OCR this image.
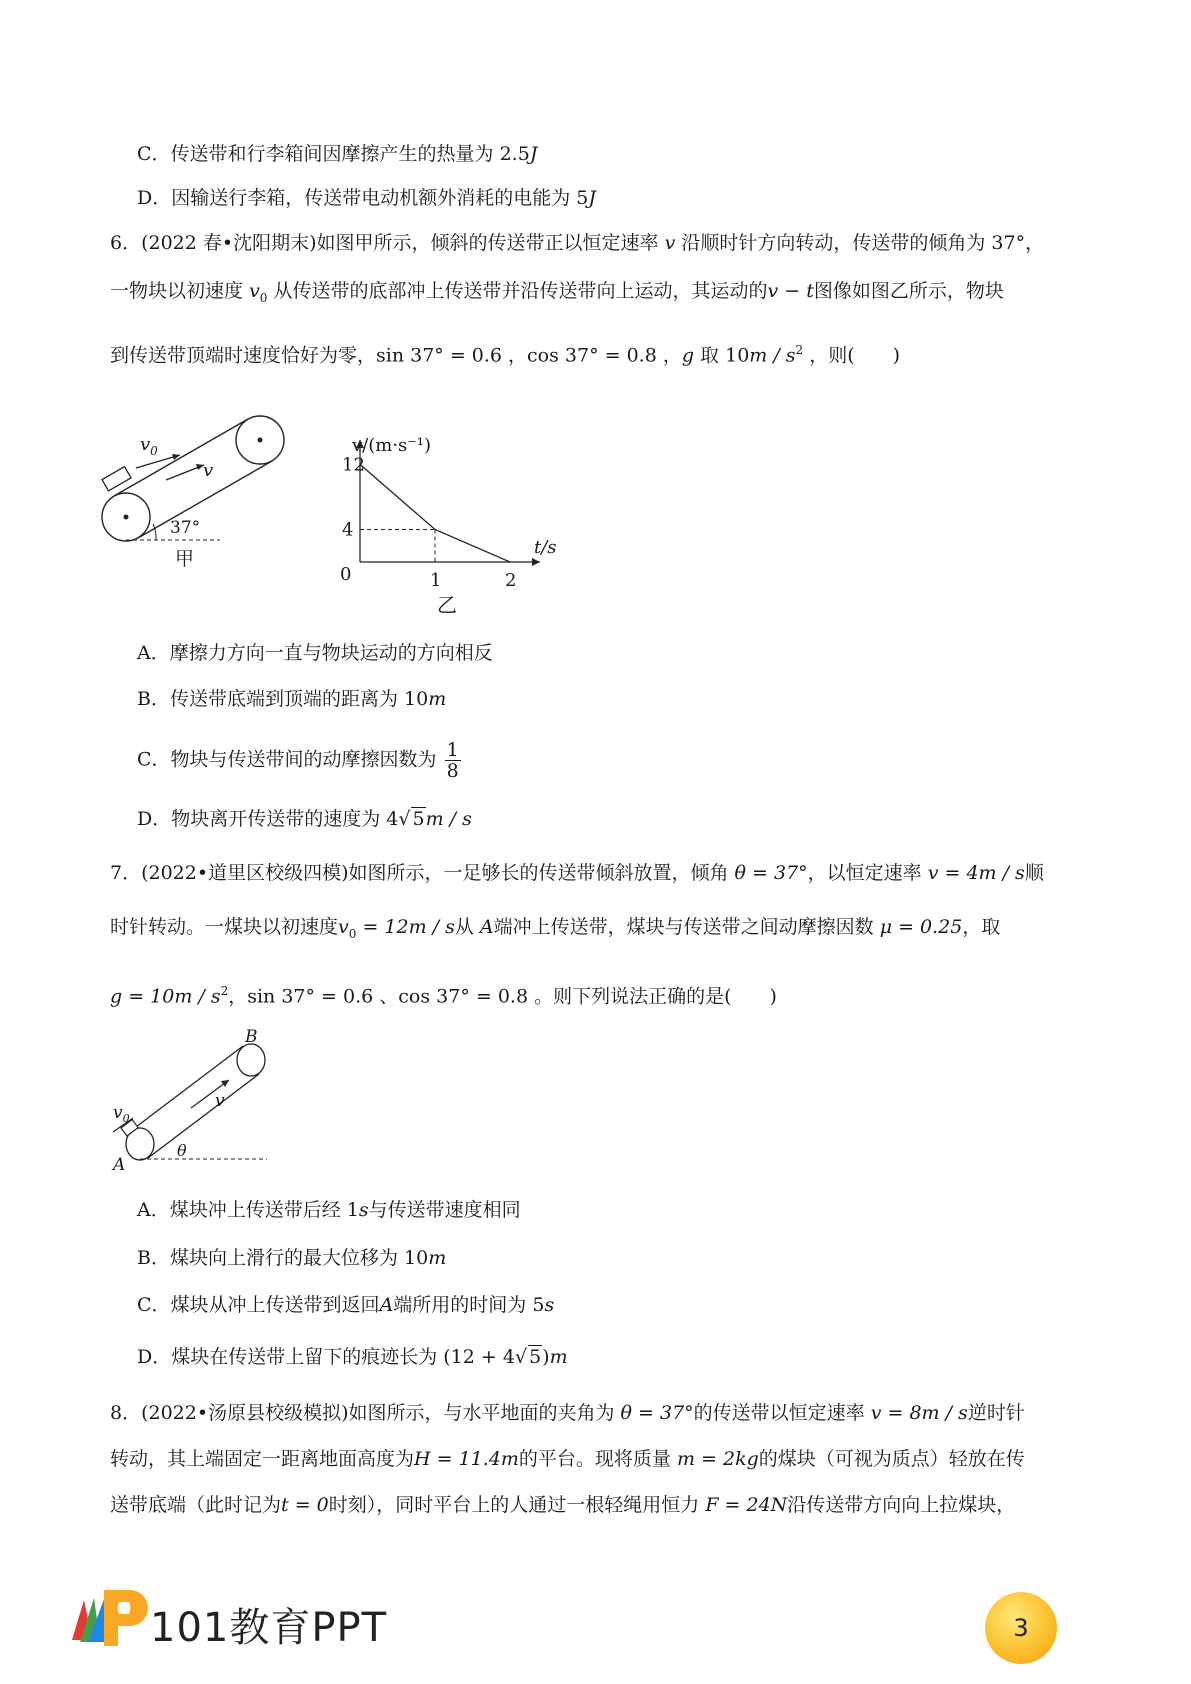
C．传送带和行李箱间因摩擦产生的热量为 2.5J
D．因输送行李箱，传送带电动机额外消耗的电能为 5J
6．(2022 春•沈阳期末)如图甲所示，倾斜的传送带正以恒定速率 v 沿顺时针方向转动，传送带的倾角为 37°，
一物块以初速度 $v_0$ 从传送带的底部冲上传送带并沿传送带向上运动，其运动的v − t图像如图乙所示，物块
到传送带顶端时速度恰好为零，sin 37° = 0.6 ，cos 37° = 0.8 ，g 取 $10m / s^2$ ，则(　　)
$v_0$
v
37°
甲
12
4
1	2
v/(m·s⁻¹)
t/s
0
乙
A．摩擦力方向一直与物块运动的方向相反
B．传送带底端到顶端的距离为 10m
C．物块与传送带间的动摩擦因数为 $\frac{1}{8}$
D．物块离开传送带的速度为 4√ 5m / s
7．(2022•道里区校级四模)如图所示，一足够长的传送带倾斜放置，倾角 θ = 37°，以恒定速率 v = 4m / s顺
时针转动。一煤块以初速度$v_0 = 12m / s$从 A端冲上传送带，煤块与传送带之间动摩擦因数 μ = 0.25，取
$g = 10m / s^2$，sin 37° = 0.6 、cos 37° = 0.8 。则下列说法正确的是(　　)
B
A
$v_0$
v
θ
A．煤块冲上传送带后经 1s与传送带速度相同
B．煤块向上滑行的最大位移为 10m
C．煤块从冲上传送带到返回A端所用的时间为 5s
D．煤块在传送带上留下的痕迹长为 (12 + 4√ 5)m
8．(2022•汤原县校级模拟)如图所示，与水平地面的夹角为 θ = 37°的传送带以恒定速率 v = 8m / s逆时针
转动，其上端固定一距离地面高度为H = 11.4m的平台。现将质量 m = 2kg的煤块（可视为质点）轻放在传
送带底端（此时记为t = 0时刻），同时平台上的人通过一根轻绳用恒力 F = 24N沿传送带方向向上拉煤块，
101教育PPT	3
